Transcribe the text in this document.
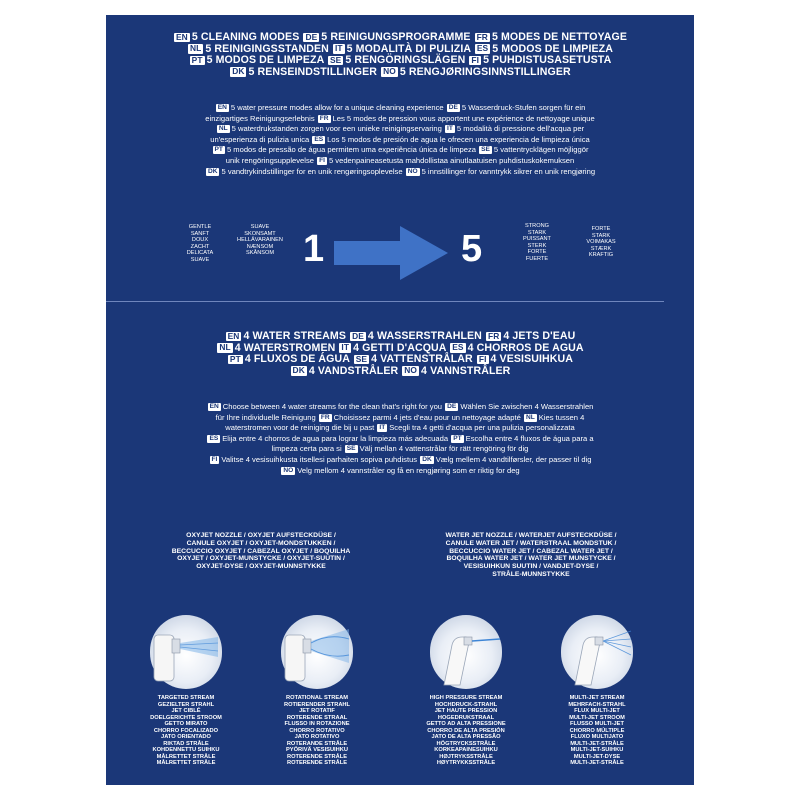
EN 5 CLEANING MODES DE 5 REINIGUNGSPROGRAMME FR 5 MODES DE NETTOYAGE
NL 5 REINIGINGSSTANDEN IT 5 MODALITÀ DI PULIZIA ES 5 MODOS DE LIMPIEZA
PT 5 MODOS DE LIMPEZA SE 5 RENGÖRINGSLÄGEN FI 5 PUHDISTUSASETUSTA
DK 5 RENSEINDSTILLINGER NO 5 RENGJØRINGSINNSTILLINGER
EN 5 water pressure modes allow for a unique cleaning experience DE 5 Wasserdruck-Stufen sorgen für ein
einzigartiges Reinigungserlebnis FR Les 5 modes de pression vous apportent une expérience de nettoyage unique
NL 5 waterdrukstanden zorgen voor een unieke reinigingservaring IT 5 modalità di pressione dell'acqua per
un'esperienza di pulizia unica ES Los 5 modos de presión de agua le ofrecen una experiencia de limpieza única
PT 5 modos de pressão de água permitem uma experiência única de limpeza SE 5 vattentrycklägen möjliggör
unik rengöringsupplevelse FI 5 vedenpaineasetusta mahdollistaa ainutlaatuisen puhdistuskokemuksen
DK 5 vandtrykindstillinger for en unik rengøringsoplevelse NO 5 innstillinger for vanntrykk sikrer en unik rengjøring
GENTLE
SANFT
DOUX
ZACHT
DELICATA
SUAVE
SUAVE
SKONSAMT
HELLÄVARAINEN
NÆNSOM
SKÅNSOM 1	5
STRONG
STARK
PUISSANT
STERK
FORTE
FUERTE
FORTE
STARK
VOIMAKAS
STÆRK
KRAFTIG
EN 4 WATER STREAMS DE 4 WASSERSTRAHLEN FR 4 JETS D'EAU
NL 4 WATERSTROMEN IT 4 GETTI D'ACQUA ES 4 CHORROS DE AGUA
PT 4 FLUXOS DE ÁGUA SE 4 VATTENSTRÅLAR FI 4 VESISUIHKUA
DK 4 VANDSTRÅLER NO 4 VANNSTRÅLER
EN Choose between 4 water streams for the clean that's right for you DE Wählen Sie zwischen 4 Wasserstrahlen
für Ihre individuelle Reinigung FR Choisissez parmi 4 jets d'eau pour un nettoyage adapté NL Kies tussen 4
waterstromen voor de reiniging die bij u past IT Scegli tra 4 getti d'acqua per una pulizia personalizzata
ES Elija entre 4 chorros de agua para lograr la limpieza más adecuada PT Escolha entre 4 fluxos de água para a
limpeza certa para si SE Välj mellan 4 vattenstrålar för rätt rengöring för dig
FI Valitse 4 vesisuihkusta itsellesi parhaiten sopiva puhdistus DK Vælg mellem 4 vandtilførsler, der passer til dig
NO Velg mellom 4 vannstråler og få en rengjøring som er riktig for deg
OXYJET NOZZLE / OXYJET AUFSTECKDÜSE /
CANULE OXYJET / OXYJET-MONDSTUKKEN /
BECCUCCIO OXYJET / CABEZAL OXYJET / BOQUILHA
OXYJET / OXYJET-MUNSTYCKE / OXYJET-SUUTIN /
OXYJET-DYSE / OXYJET-MUNNSTYKKE
WATER JET NOZZLE / WATERJET AUFSTECKDÜSE /
CANULE WATER JET / WATERSTRAAL MONDSTUK /
BECCUCCIO WATER JET / CABEZAL WATER JET /
BOQUILHA WATER JET / WATER JET MUNSTYCKE /
VESISUIHKUN SUUTIN / VANDJET-DYSE /
STRÅLE-MUNNSTYKKE
TARGETED STREAM
GEZIELTER STRAHL
JET CIBLÉ
DOELGERICHTE STROOM
GETTO MIRATO
CHORRO FOCALIZADO
JATO ORIENTADO
RIKTAD STRÅLE
KOHDENNETTU SUIHKU
MÅLRETTET STRÅLE
MÅLRETTET STRÅLE
ROTATIONAL STREAM
ROTIERENDER STRAHL
JET ROTATIF
ROTERENDE STRAAL
FLUSSO IN ROTAZIONE
CHORRO ROTATIVO
JATO ROTATIVO
ROTERANDE STRÅLE
PYÖRIVÄ VESISUIHKU
ROTERENDE STRÅLE
ROTERENDE STRÅLE
HIGH PRESSURE STREAM
HOCHDRUCK-STRAHL
JET HAUTE PRESSION
HOGEDRUKSTRAAL
GETTO AD ALTA PRESSIONE
CHORRO DE ALTA PRESIÓN
JATO DE ALTA PRESSÃO
HÖGTRYCKSSTRÅLE
KORKEAPAINESUIHKU
HØJTRYKSSTRÅLE
HØYTRYKKSSTRÅLE
MULTI-JET STREAM
MEHRFACH-STRAHL
FLUX MULTI-JET
MULTI-JET STROOM
FLUSSO MULTI-JET
CHORRO MÚLTIPLE
FLUXO MULTIJATO
MULTI-JET-STRÅLE
MULTI-JET-SUIHKU
MULTI-JET-DYSE
MULTI-JET-STRÅLE
